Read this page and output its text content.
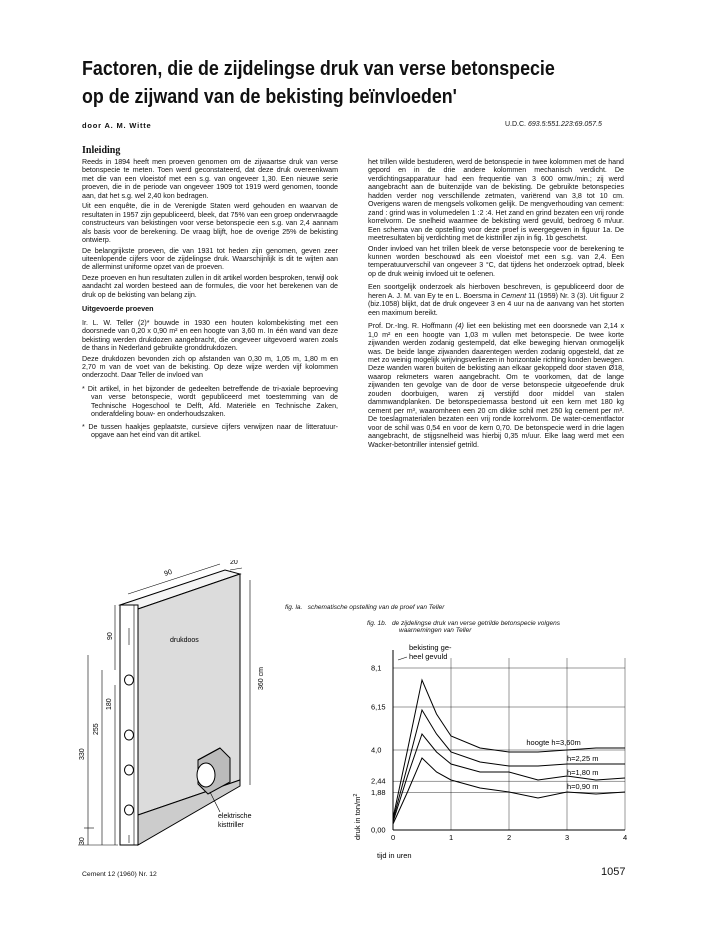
Factoren, die de zijdelingse druk van verse betonspecie
op de zijwand van de bekisting beïnvloeden'
door A. M. Witte	U.D.C. 693.5:551.223:69.057.5
Inleiding

Reeds in 1894 heeft men proeven genomen om de zijwaartse druk van verse betonspecie te meten. Toen werd geconstateerd, dat deze druk overeenkwam met die van een vloeistof met een s.g. van ongeveer 1,30. Een nieuwe serie proeven, die in de periode van ongeveer 1909 tot 1919 werd genomen, toonde aan, dat het s.g. wel 2,40 kon bedragen.

Uit een enquête, die in de Verenigde Staten werd gehouden en waarvan de resultaten in 1957 zijn gepubliceerd, bleek, dat 75% van een groep ondervraagde constructeurs van bekistingen voor verse betonspecie een s.g. van 2,4 aannam als basis voor de berekening. De vraag blijft, hoe de overige 25% de bekisting ontwierp.

De belangrijkste proeven, die van 1931 tot heden zijn genomen, geven zeer uiteenlopende cijfers voor de zijdelingse druk. Waarschijnlijk is dit te wijten aan de allerminst uniforme opzet van de proeven.

Deze proeven en hun resultaten zullen in dit artikel worden besproken, terwijl ook aandacht zal worden besteed aan de formules, die voor het berekenen van de druk op de bekisting van belang zijn.

Uitgevoerde proeven

Ir. L. W. Teller (2)* bouwde in 1930 een houten kolombekisting met een doorsnede van 0,20 x 0,90 m² en een hoogte van 3,60 m. In één wand van deze bekisting werden drukdozen aangebracht, die ongeveer uitgevoerd waren zoals de thans in Nederland gebruikte gronddrukdozen.

Deze drukdozen bevonden zich op afstanden van 0,30 m, 1,05 m, 1,80 m en 2,70 m van de voet van de bekisting. Op deze wijze werden vijf kolommen onderzocht. Daar Teller de invloed van

* Dit artikel, in het bijzonder de gedeelten betreffende de tri-axiale beproeving van verse betonspecie, wordt gepubliceerd met toestemming van de Technische Hogeschool te Delft, Afd. Materiële en Technische Zaken, onderafdeling bouw- en onderhoudszaken.

* De tussen haakjes geplaatste, cursieve cijfers verwijzen naar de litteratuur-opgave aan het eind van dit artikel.

het trillen wilde bestuderen, werd de betonspecie in twee kolommen met de hand gepord en in de drie andere kolommen mechanisch verdicht. De verdichtingsapparatuur had een frequentie van 3 600 omw./min.; zij werd aangebracht aan de buitenzijde van de bekisting. De gebruikte betonspecies hadden verder nog verschillende zetmaten, variërend van 3,8 tot 10 cm. Overigens waren de mengsels volkomen gelijk. De mengverhouding van cement: zand : grind was in volumedelen 1 :2 :4. Het zand en grind bezaten een vrij ronde korrelvorm. De snelheid waarmee de bekisting werd gevuld, bedroeg 6 m/uur. Een schema van de opstelling voor deze proef is weergegeven in figuur 1a. De meetresultaten bij verdichting met de kisttriller zijn in fig. 1b geschetst.

Onder invloed van het trillen bleek de verse betonspecie voor de berekening te kunnen worden beschouwd als een vloeistof met een s.g. van 2,4. Een temperatuurverschil van ongeveer 3 °C, dat tijdens het onderzoek optrad, bleek op de druk weinig invloed uit te oefenen.

Een soortgelijk onderzoek als hierboven beschreven, is gepubliceerd door de heren A. J. M. van Ey te en L. Boersma in Cement 11 (1959) Nr. 3 (3). Uit figuur 2 (biz.1058) blijkt, dat de druk ongeveer 3 en 4 uur na de aanvang van het storten een maximum bereikt.

Prof. Dr.-Ing. R. Hoffmann (4) liet een bekisting met een doorsnede van 2,14 x 1,0 m² en een hoogte van 1,03 m vullen met betonspecie. De twee korte zijwanden werden zodanig gestempeld, dat elke beweging hiervan onmogelijk was. De beide lange zijwanden daarentegen werden zodanig opgesteld, dat ze met zo weinig mogelijk wrijvingsverliezen in horizontale richting konden bewegen. Deze wanden waren buiten de bekisting aan elkaar gekoppeld door staven Ø18, waarop rekmeters waren aangebracht. Om te voorkomen, dat de lange zijwanden ten gevolge van de door de verse betonspecie uitgeoefende druk zouden doorbuigen, waren zij verstijfd door middel van stalen dammwandplanken. De betonspeciemassa bestond uit een kern met 180 kg cement per m³, waaromheen een 20 cm dikke schil met 250 kg cement per m³. De toeslagmaterialen bezaten een vrij ronde korrelvorm. De water-cementfactor voor de schil was 0,54 en voor de kern 0,70. De betonspecie werd in drie lagen aangebracht, de stijgsnelheid was hierbij 0,35 m/uur. Elke laag werd met een Wacker-betontriller intensief getrild.

330
255
180
90
30
360 cm
90
20
drukdoos
elektrische
kisttriller
fig. la. schematische opstelling van de proef van Teller
fig. 1b. de zijdelingse druk van verse getrilde betonspecie volgens
waarnemingen van Teller
0,00
1,88
2,44
4,0
6,15
8,1
0	1	2	3	4
hoogte h=3,60m
h=2,25 m
h=1,80 m
h=0,90 m
bekisting ge-
heel gevuld
druk in ton/$m^2$
tijd in uren
Cement 12 (1960) Nr. 12	1057
